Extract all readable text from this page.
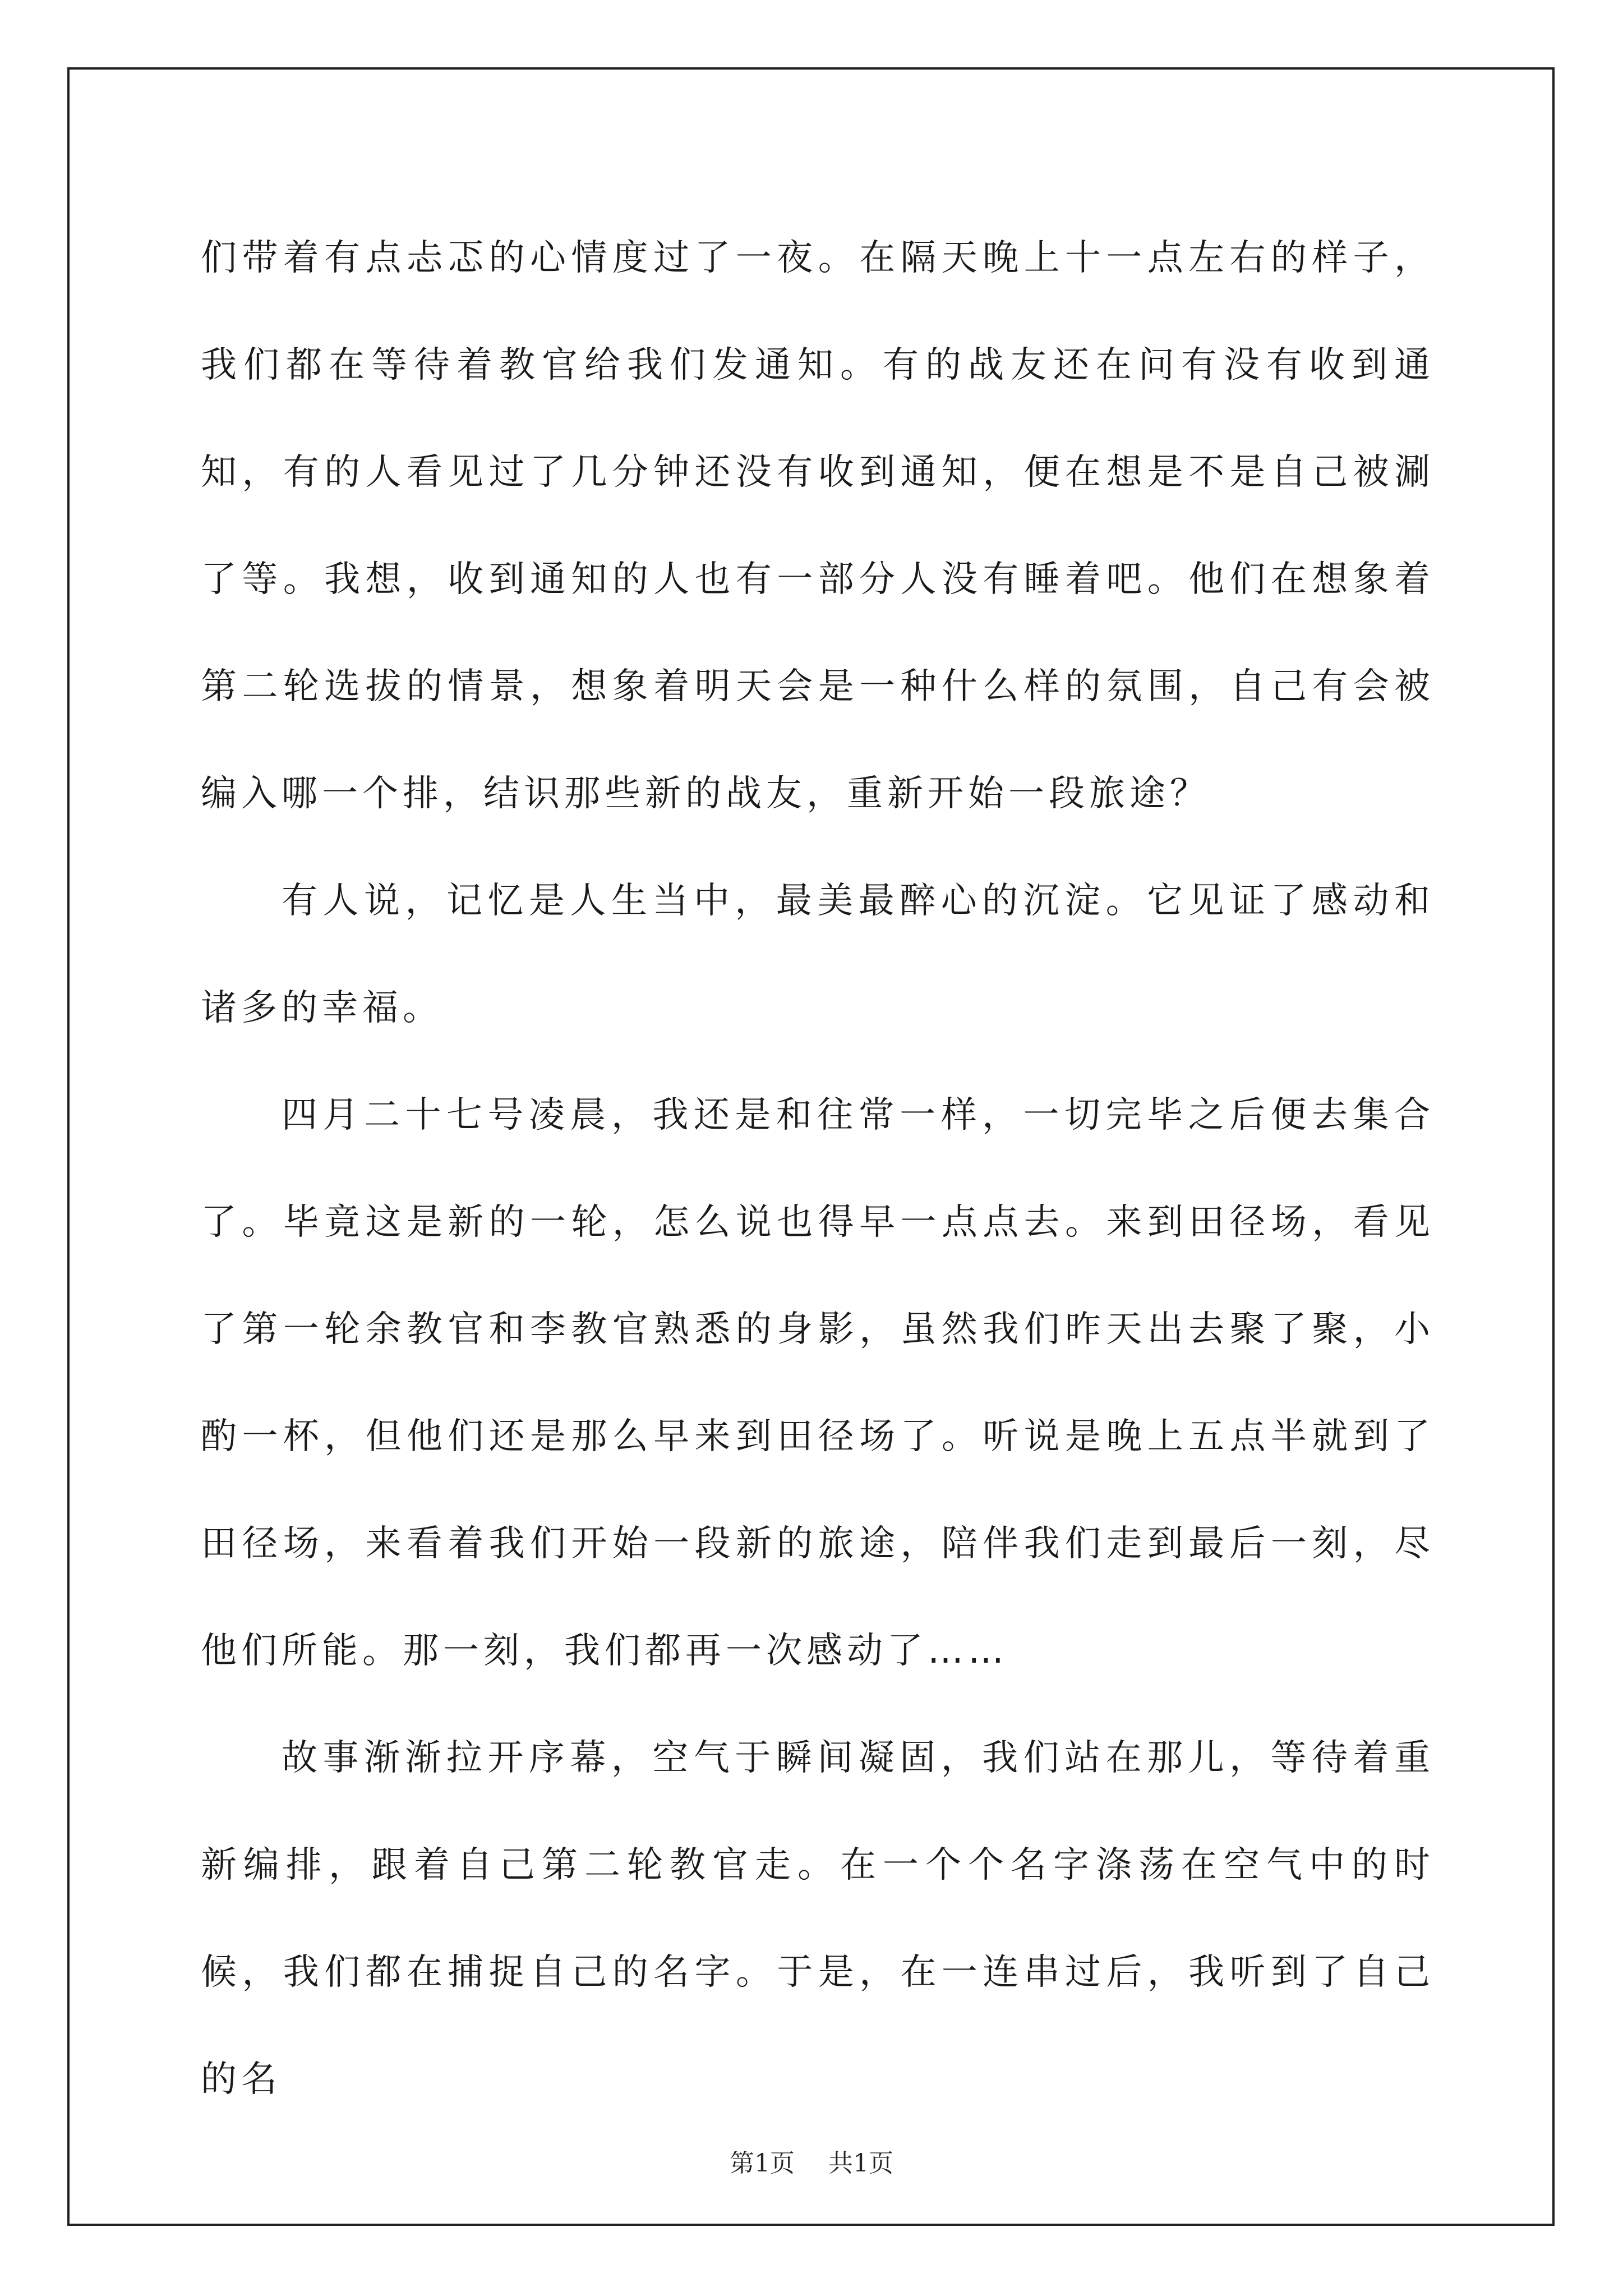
们带着有点忐忑的心情度过了一夜。在隔天晚上十一点左右的样子，我们都在等待着教官给我们发通知。有的战友还在问有没有收到通知，有的人看见过了几分钟还没有收到通知，便在想是不是自己被涮了等。我想，收到通知的人也有一部分人没有睡着吧。他们在想象着第二轮选拔的情景，想象着明天会是一种什么样的氛围，自己有会被编入哪一个排，结识那些新的战友，重新开始一段旅途？

有人说，记忆是人生当中，最美最醉心的沉淀。它见证了感动和诸多的幸福。

四月二十七号凌晨，我还是和往常一样，一切完毕之后便去集合了。毕竟这是新的一轮，怎么说也得早一点点去。来到田径场，看见了第一轮余教官和李教官熟悉的身影，虽然我们昨天出去聚了聚，小酌一杯，但他们还是那么早来到田径场了。听说是晚上五点半就到了田径场，来看着我们开始一段新的旅途，陪伴我们走到最后一刻，尽他们所能。那一刻，我们都再一次感动了……

故事渐渐拉开序幕，空气于瞬间凝固，我们站在那儿，等待着重新编排，跟着自己第二轮教官走。在一个个名字涤荡在空气中的时候，我们都在捕捉自己的名字。于是，在一连串过后，我听到了自己的名

第1页 共1页
